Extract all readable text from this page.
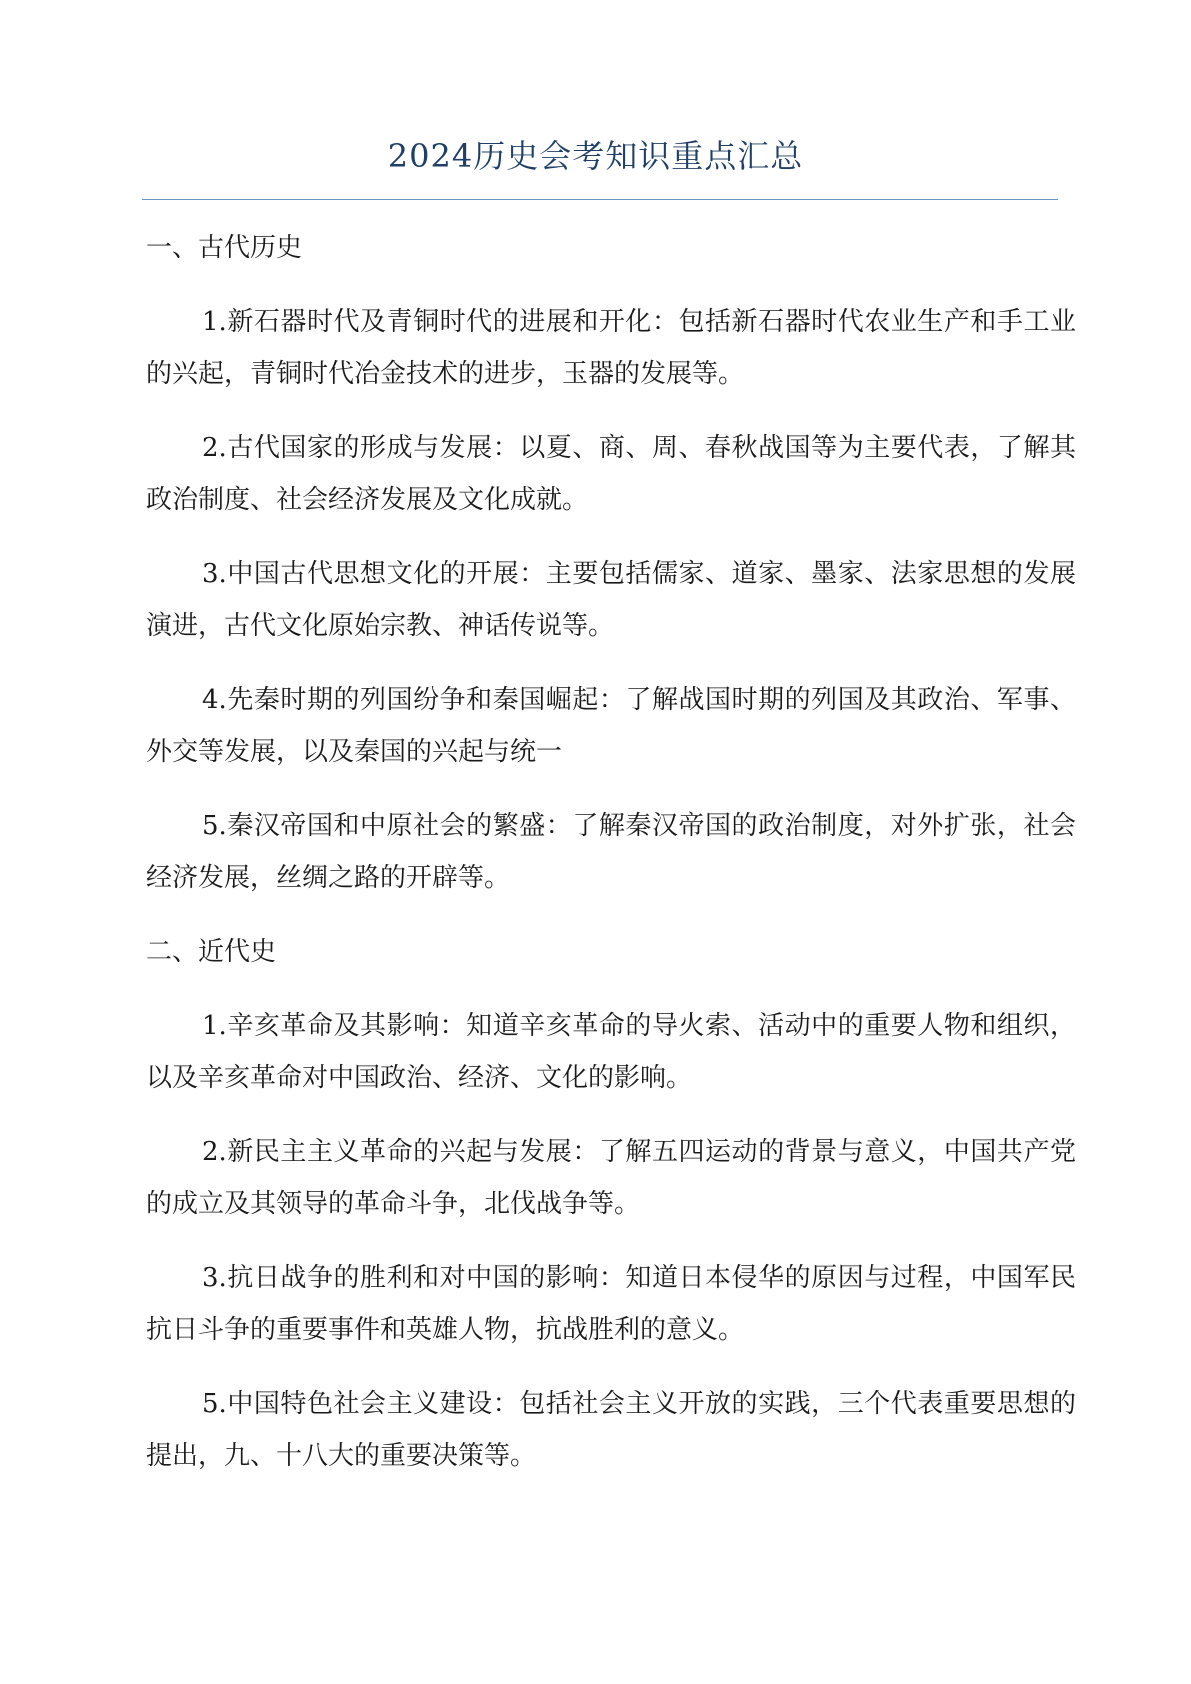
2024历史会考知识重点汇总
一、古代历史

1.新石器时代及青铜时代的进展和开化：包括新石器时代农业生产和手工业的兴起，青铜时代冶金技术的进步，玉器的发展等。

2.古代国家的形成与发展：以夏、商、周、春秋战国等为主要代表，了解其政治制度、社会经济发展及文化成就。

3.中国古代思想文化的开展：主要包括儒家、道家、墨家、法家思想的发展演进，古代文化原始宗教、神话传说等。

4.先秦时期的列国纷争和秦国崛起：了解战国时期的列国及其政治、军事、外交等发展，以及秦国的兴起与统一

5.秦汉帝国和中原社会的繁盛：了解秦汉帝国的政治制度，对外扩张，社会经济发展，丝绸之路的开辟等。

二、近代史

1.辛亥革命及其影响：知道辛亥革命的导火索、活动中的重要人物和组织，以及辛亥革命对中国政治、经济、文化的影响。

2.新民主主义革命的兴起与发展：了解五四运动的背景与意义，中国共产党的成立及其领导的革命斗争，北伐战争等。

3.抗日战争的胜利和对中国的影响：知道日本侵华的原因与过程，中国军民抗日斗争的重要事件和英雄人物，抗战胜利的意义。

5.中国特色社会主义建设：包括社会主义开放的实践，三个代表重要思想的提出，九、十八大的重要决策等。
